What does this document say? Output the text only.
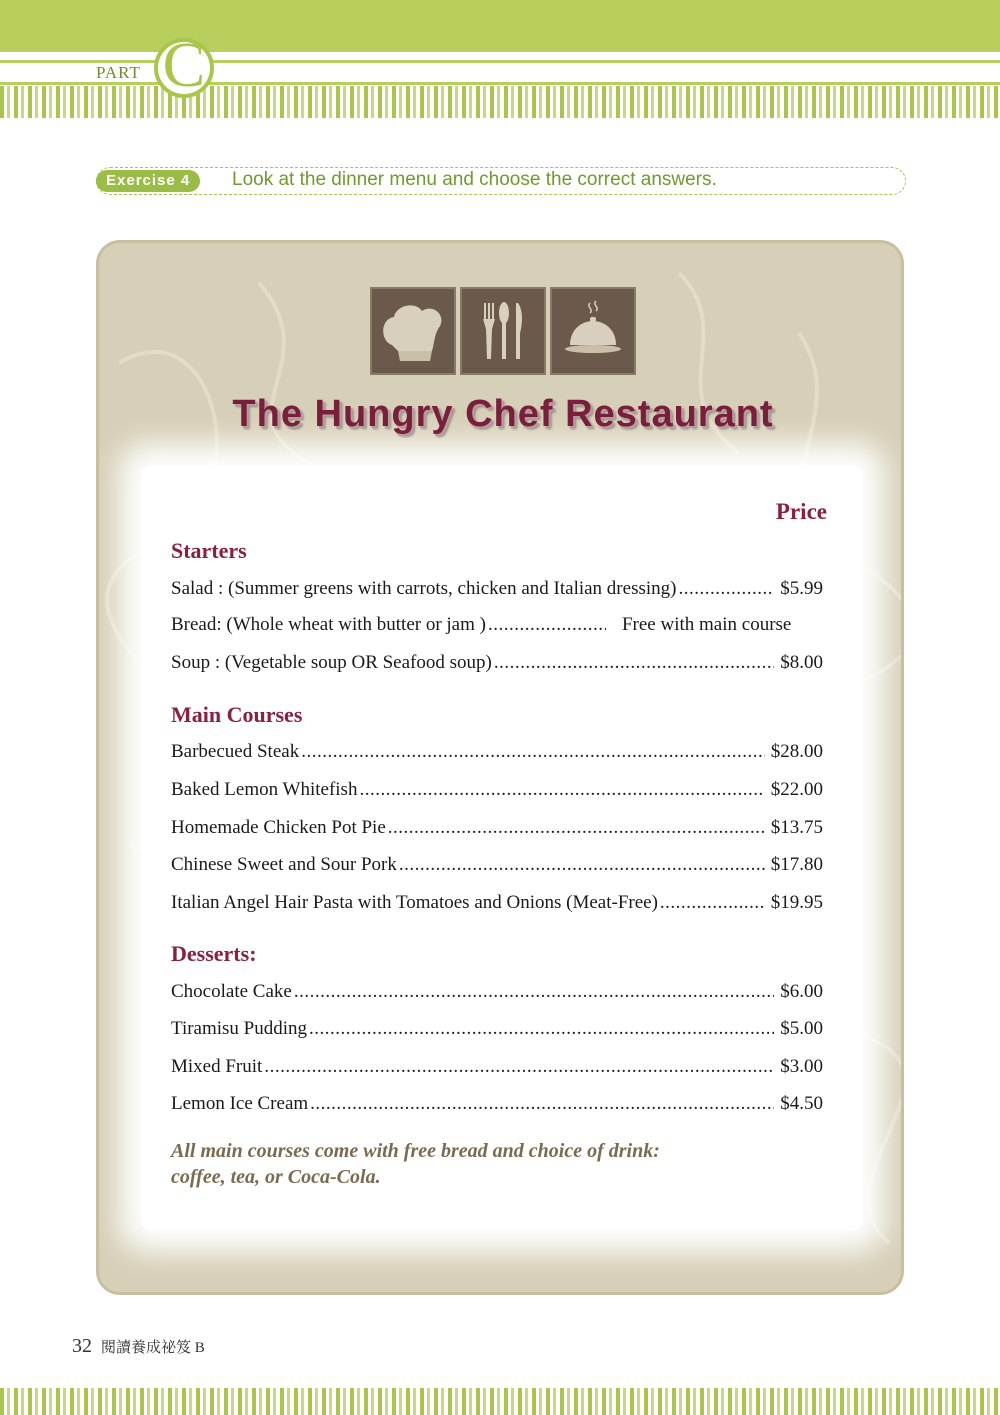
PART C
Exercise 4	Look at the dinner menu and choose the correct answers.
The Hungry Chef Restaurant
Price
Starters
Salad : (Summer greens with carrots, chicken and Italian dressing) .....	$5.99
Bread: (Whole wheat with butter or jam ) .....	Free with main course
Soup : (Vegetable soup OR Seafood soup) .....	$8.00
Main Courses
Barbecued Steak .....	$28.00
Baked Lemon Whitefish .....	$22.00
Homemade Chicken Pot Pie .....	$13.75
Chinese Sweet and Sour Pork .....	$17.80
Italian Angel Hair Pasta with Tomatoes and Onions (Meat-Free) .....	$19.95
Desserts:
Chocolate Cake .....	$6.00
Tiramisu Pudding .....	$5.00
Mixed Fruit .....	$3.00
Lemon Ice Cream .....	$4.50
All main courses come with free bread and choice of drink:
coffee, tea, or Coca-Cola.
32 閱讀養成祕笈 B
